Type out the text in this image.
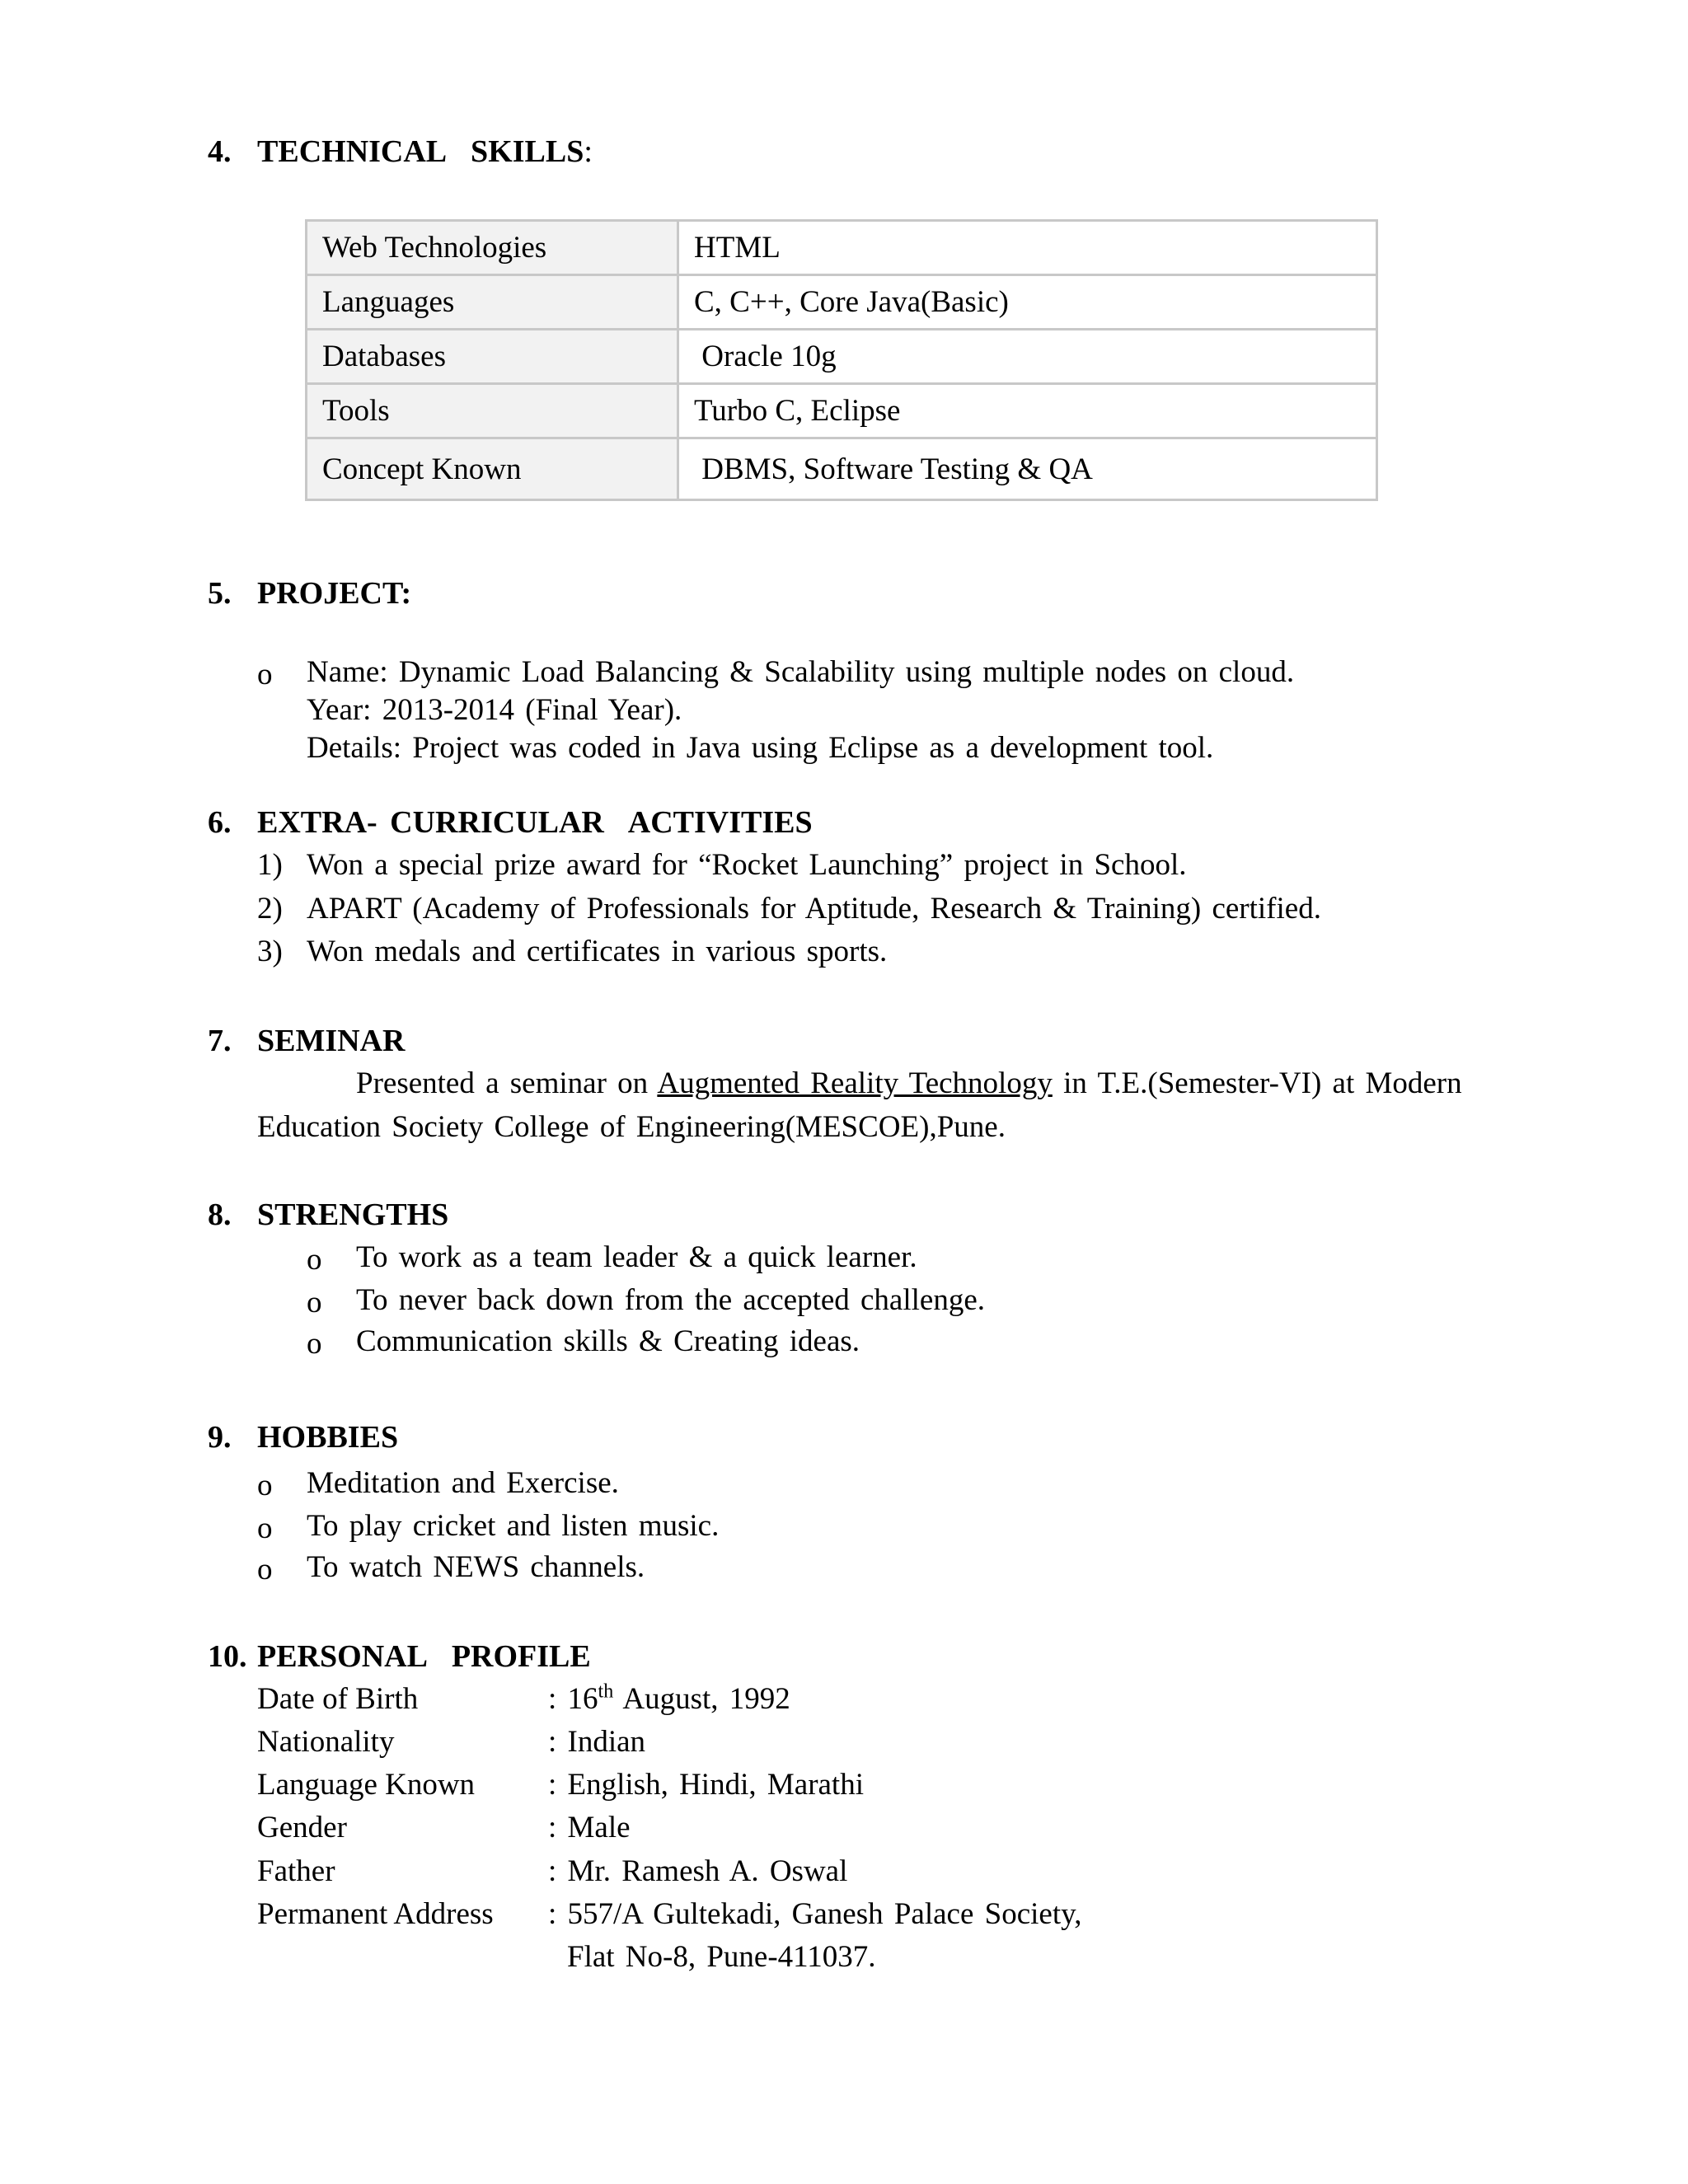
4. TECHNICAL  SKILLS:
Web Technologies	HTML
Languages	C, C++, Core Java(Basic)
Databases	Oracle 10g
Tools	Turbo C, Eclipse
Concept Known	DBMS, Software Testing & QA
5. PROJECT:
o Name: Dynamic Load Balancing & Scalability using multiple nodes on cloud.
Year: 2013-2014 (Final Year).
Details: Project was coded in Java using Eclipse as a development tool.
6. EXTRA- CURRICULAR  ACTIVITIES
1) Won a special prize award for “Rocket Launching” project in School.
2) APART (Academy of Professionals for Aptitude, Research & Training) certified.
3) Won medals and certificates in various sports.
7. SEMINAR
Presented a seminar on Augmented Reality Technology in T.E.(Semester-VI) at Modern
Education Society College of Engineering(MESCOE),Pune.
8. STRENGTHS
o To work as a team leader & a quick learner.
o To never back down from the accepted challenge.
o Communication skills & Creating ideas.
9. HOBBIES
o Meditation and Exercise.
o To play cricket and listen music.
o To watch NEWS channels.
10. PERSONAL  PROFILE
Date of Birth	: 16th August, 1992
Nationality	: Indian
Language Known : English, Hindi, Marathi
Gender	: Male
Father	: Mr. Ramesh A. Oswal
Permanent Address : 557/A Gultekadi, Ganesh Palace Society,
Flat No-8, Pune-411037.
